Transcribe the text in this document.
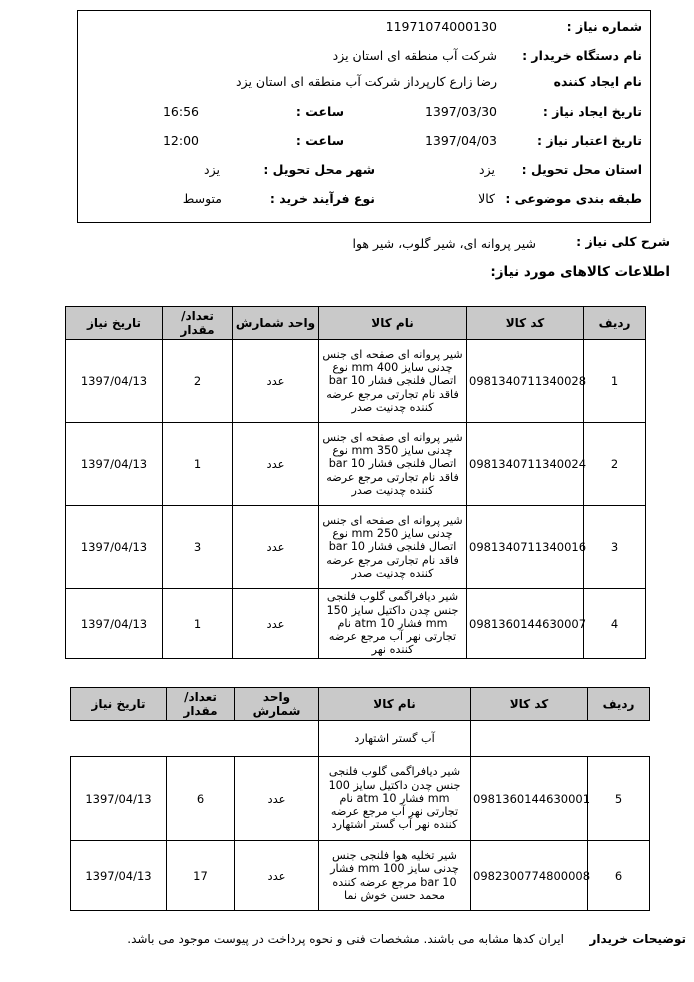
شماره نیاز :
11971074000130
نام دستگاه خریدار :
شرکت آب منطقه ای استان یزد
نام ایجاد کننده
رضا زارع کارپرداز شرکت آب منطقه ای استان یزد
تاریخ ایجاد نیاز :
1397/03/30
ساعت :
16:56
تاریخ اعتبار نیاز :
1397/04/03
ساعت :
12:00
استان محل تحویل :
یزد
شهر محل تحویل :
یزد
طبقه بندی موضوعی :
کالا
نوع فرآیند خرید :
متوسط
شرح کلی نیاز :
شیر پروانه ای، شیر گلوب، شیر هوا
اطلاعات کالاهای مورد نیاز:
ردیف	کد کالا	نام کالا	واحد شمارش	تعداد/ مقدار	تاریخ نیاز
1	0981340711340028	شیر پروانه ای صفحه ای جنس چدنی سایز 400 mm نوع اتصال فلنجی فشار 10 bar فاقد نام تجارتی مرجع عرضه کننده چدنیت صدر	عدد	2	1397/04/13
2	0981340711340024	شیر پروانه ای صفحه ای جنس چدنی سایز 350 mm نوع اتصال فلنجی فشار 10 bar فاقد نام تجارتی مرجع عرضه کننده چدنیت صدر	عدد	1	1397/04/13
3	0981340711340016	شیر پروانه ای صفحه ای جنس چدنی سایز 250 mm نوع اتصال فلنجی فشار 10 bar فاقد نام تجارتی مرجع عرضه کننده چدنیت صدر	عدد	3	1397/04/13
4	0981360144630007	شیر دیافراگمی گلوب فلنجی جنس چدن داکتیل سایز 150 mm فشار 10 atm نام تجارتی نهر آب مرجع عرضه کننده نهر	عدد	1	1397/04/13
ردیف	کد کالا	نام کالا	واحد شمارش	تعداد/ مقدار	تاریخ نیاز
		آب گستر اشتهارد			
5	0981360144630001	شیر دیافراگمی گلوب فلنجی جنس چدن داکتیل سایز 100 mm فشار 10 atm نام تجارتی نهر آب مرجع عرضه کننده نهر آب گستر اشتهارد	عدد	6	1397/04/13
6	0982300774800008	شیر تخلیه هوا فلنجی جنس چدنی سایز 100 mm فشار 10 bar مرجع عرضه کننده محمد حسن خوش نما	عدد	17	1397/04/13
توضیحات خریدار
ایران کدها مشابه می باشند. مشخصات فنی و نحوه پرداخت در پیوست موجود می باشد.
